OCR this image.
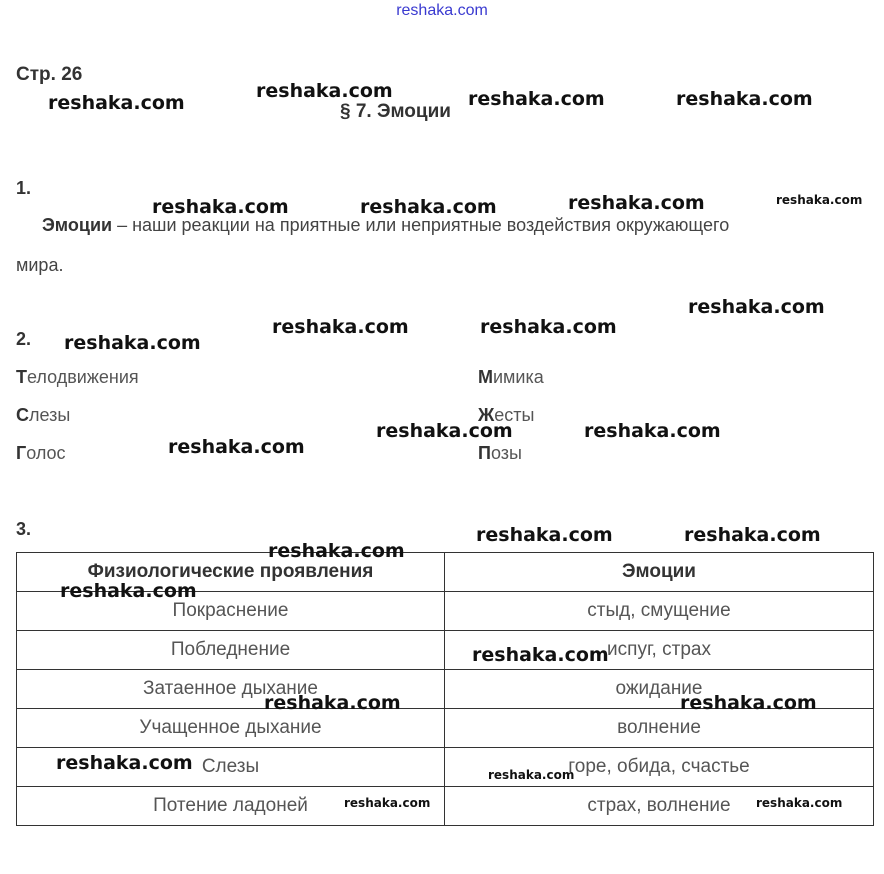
reshaka.com
Стр. 26
§ 7. Эмоции
1.
Эмоции – наши реакции на приятные или неприятные воздействия окружающего
мира.
2.
Телодвижения
Слезы
Голос
Мимика
Жесты
Позы
3.
Физиологические проявления	Эмоции
Покраснение	стыд, смущение
Побледнение	испуг, страх
Затаенное дыхание	ожидание
Учащенное дыхание	волнение
Слезы	горе, обида, счастье
Потение ладоней	страх, волнение
reshaka.com
reshaka.com	reshaka.com	reshaka.com
reshaka.com	reshaka.com	reshaka.com	reshaka.com
reshaka.com
reshaka.com	reshaka.com
reshaka.com
reshaka.com	reshaka.com
reshaka.com
reshaka.com	reshaka.com
reshaka.com
reshaka.com
reshaka.com
reshaka.com	reshaka.com
reshaka.com
reshaka.com
reshaka.com	reshaka.com
